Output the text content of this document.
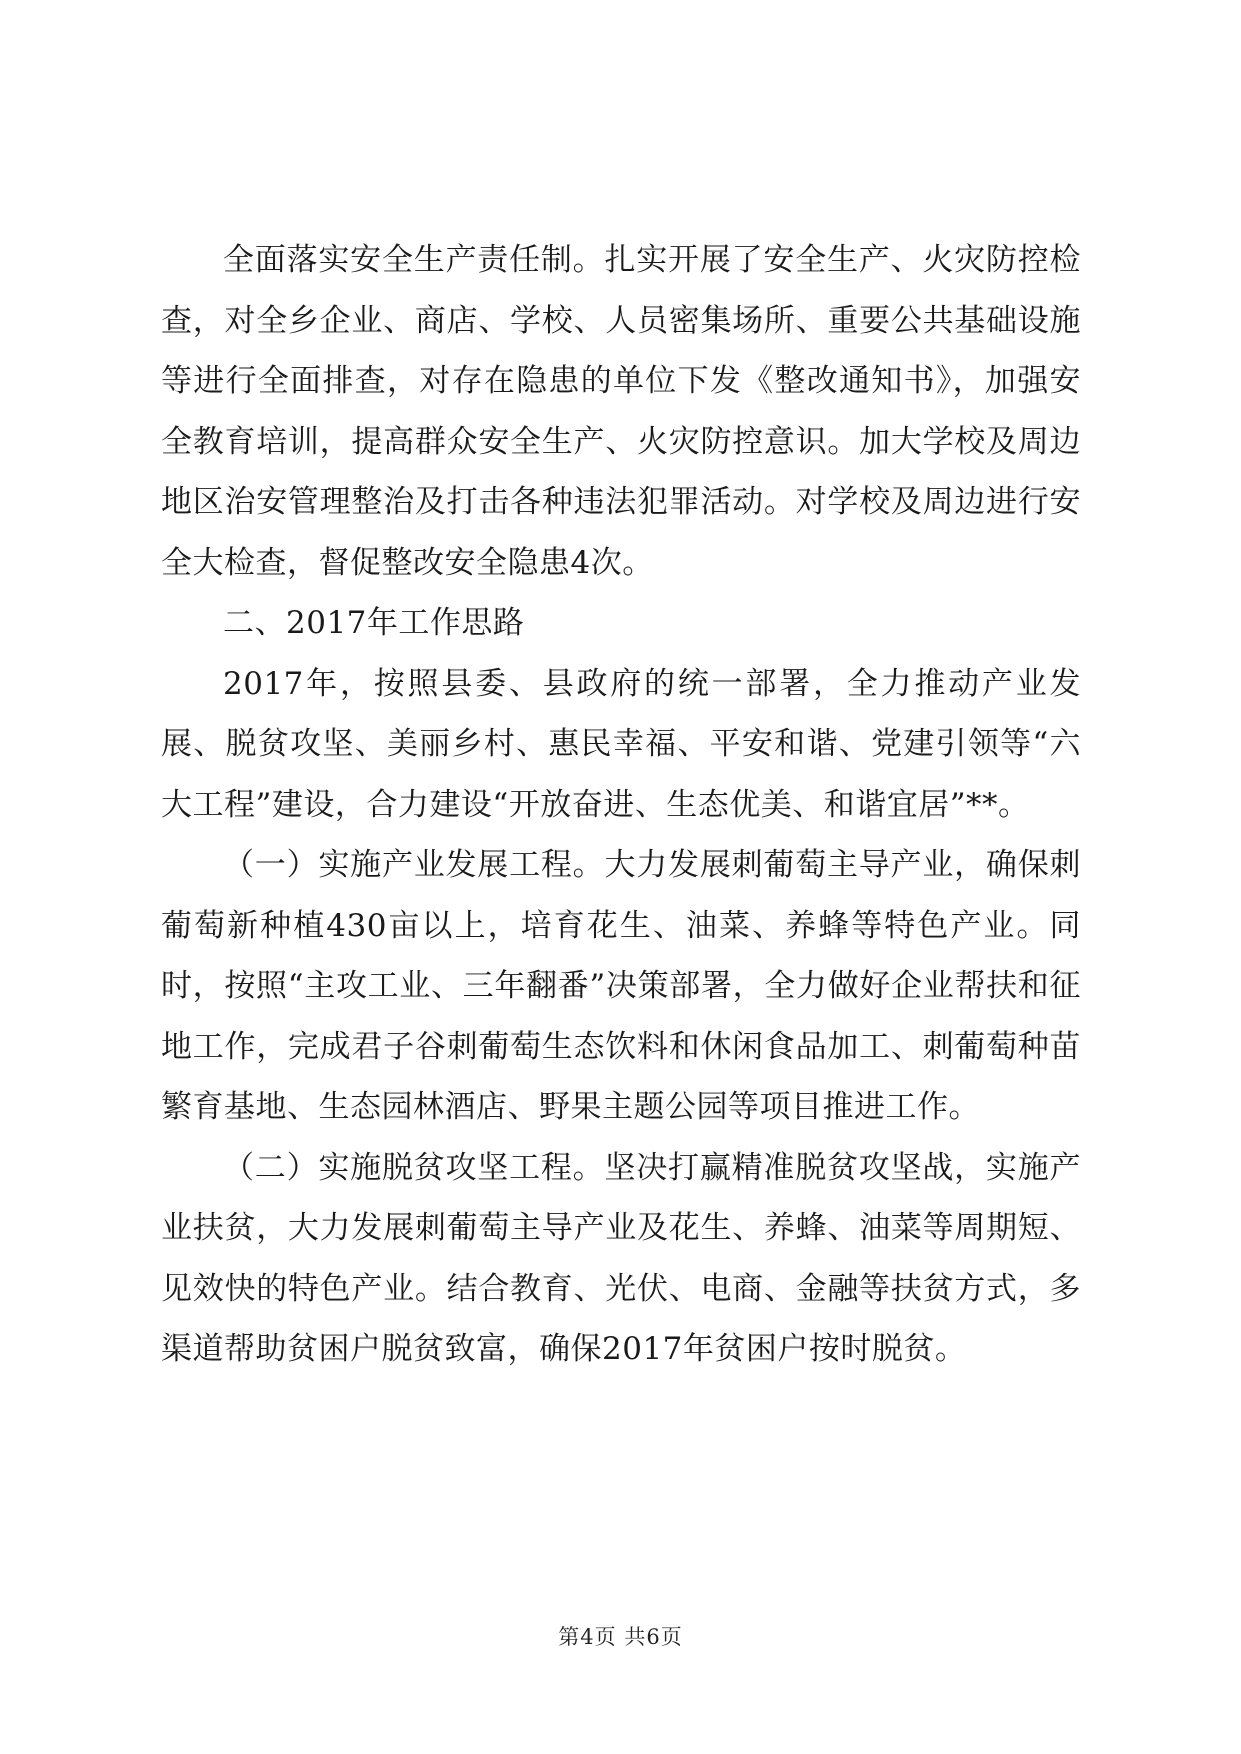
全面落实安全生产责任制。扎实开展了安全生产、火灾防控检查，对全乡企业、商店、学校、人员密集场所、重要公共基础设施等进行全面排查，对存在隐患的单位下发《整改通知书》，加强安全教育培训，提高群众安全生产、火灾防控意识。加大学校及周边地区治安管理整治及打击各种违法犯罪活动。对学校及周边进行安全大检查，督促整改安全隐患4次。

二、2017年工作思路

2017年，按照县委、县政府的统一部署，全力推动产业发展、脱贫攻坚、美丽乡村、惠民幸福、平安和谐、党建引领等“六大工程”建设，合力建设“开放奋进、生态优美、和谐宜居”**。

（一）实施产业发展工程。大力发展刺葡萄主导产业，确保刺葡萄新种植430亩以上，培育花生、油菜、养蜂等特色产业。同时，按照“主攻工业、三年翻番”决策部署，全力做好企业帮扶和征地工作，完成君子谷刺葡萄生态饮料和休闲食品加工、刺葡萄种苗繁育基地、生态园林酒店、野果主题公园等项目推进工作。

（二）实施脱贫攻坚工程。坚决打赢精准脱贫攻坚战，实施产业扶贫，大力发展刺葡萄主导产业及花生、养蜂、油菜等周期短、见效快的特色产业。结合教育、光伏、电商、金融等扶贫方式，多渠道帮助贫困户脱贫致富，确保2017年贫困户按时脱贫。

第4页 共6页
